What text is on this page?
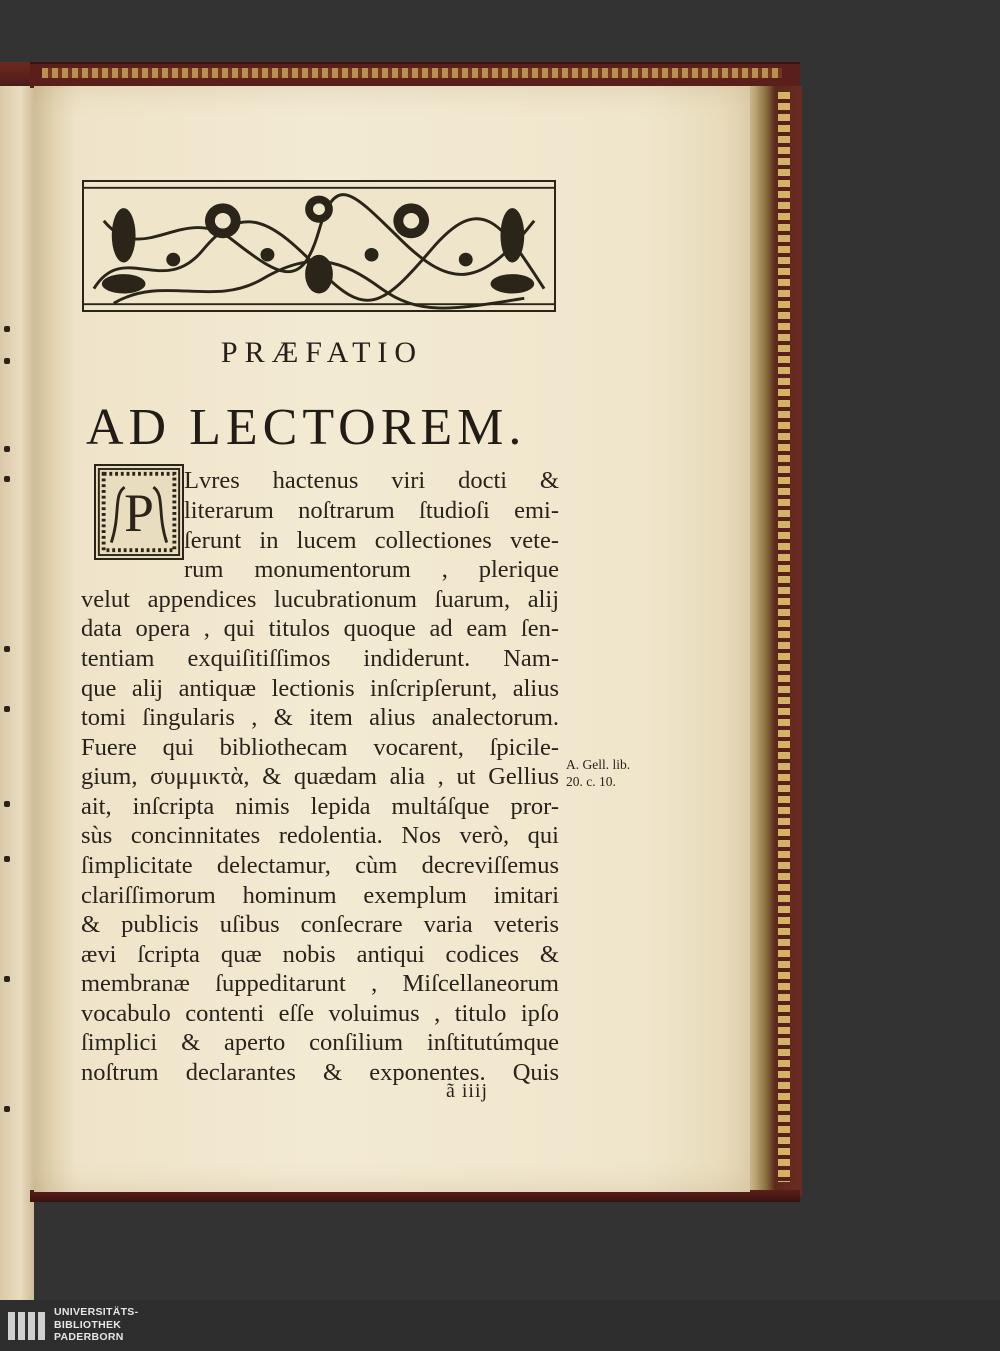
PRÆFATIO
AD LECTOREM.
P
Lvres hactenus viri docti &
literarum noſtrarum ſtudioſi emi-
ſerunt in lucem collectiones vete-
rum monumentorum , plerique
velut appendices lucubrationum ſuarum, alij
data opera , qui titulos quoque ad eam ſen-
tentiam exquiſitiſſimos indiderunt. Nam-
que alij antiquæ lectionis inſcripſerunt, alius
tomi ſingularis , & item alius analectorum.
Fuere qui bibliothecam vocarent, ſpicile-
gium, συμμικτὰ, & quædam alia , ut Gellius
ait, inſcripta nimis lepida multáſque pror-
sùs concinnitates redolentia. Nos verò, qui
ſimplicitate delectamur, cùm decreviſſemus
clariſſimorum hominum exemplum imitari
& publicis uſibus conſecrare varia veteris
ævi ſcripta quæ nobis antiqui codices &
membranæ ſuppeditarunt , Miſcellaneorum
vocabulo contenti eſſe voluimus , titulo ipſo
ſimplici & aperto conſilium inſtitutúmque
noſtrum declarantes & exponentes. Quis
ã iiij
A. Gell. lib.
20. c. 10.
UNIVERSITÄTS-
BIBLIOTHEK
PADERBORN
